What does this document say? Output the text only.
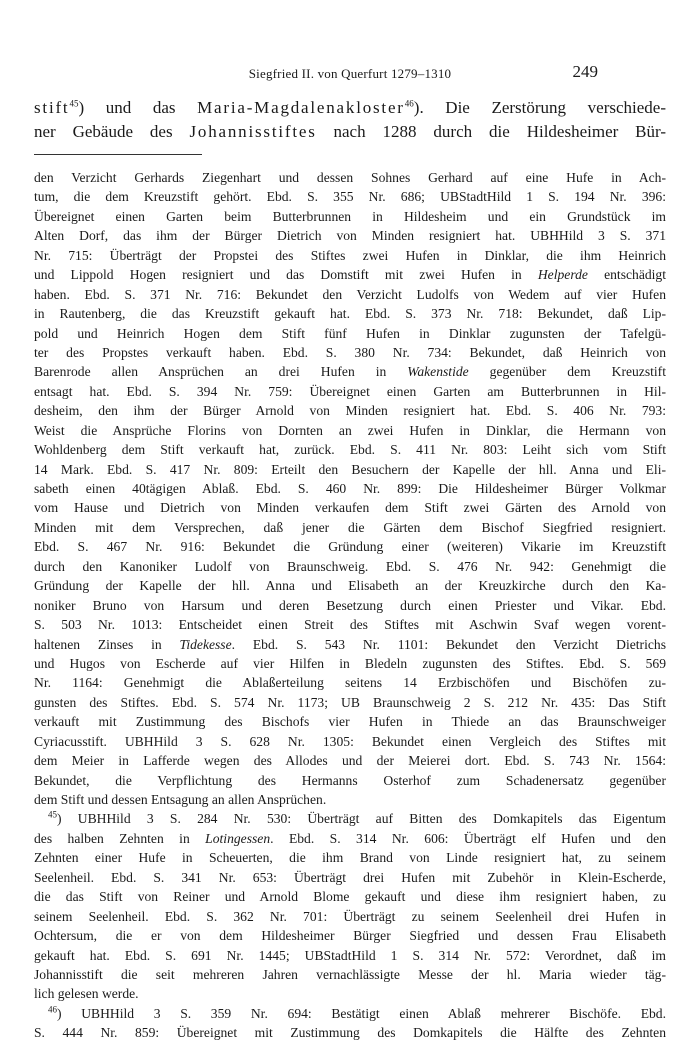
Siegfried II. von Querfurt 1279–1310	249
stift$^{45}$) und das Maria-Magdalenakloster$^{46}$). Die Zerstörung verschiede-
ner Gebäude des Johannisstiftes nach 1288 durch die Hildesheimer Bür-
den Verzicht Gerhards Ziegenhart und dessen Sohnes Gerhard auf eine Hufe in Ach-
tum, die dem Kreuzstift gehört. Ebd. S. 355 Nr. 686; UBStadtHild 1 S. 194 Nr. 396:
Übereignet einen Garten beim Butterbrunnen in Hildesheim und ein Grundstück im
Alten Dorf, das ihm der Bürger Dietrich von Minden resigniert hat. UBHHild 3 S. 371
Nr. 715: Überträgt der Propstei des Stiftes zwei Hufen in Dinklar, die ihm Heinrich
und Lippold Hogen resigniert und das Domstift mit zwei Hufen in Helperde entschädigt
haben. Ebd. S. 371 Nr. 716: Bekundet den Verzicht Ludolfs von Wedem auf vier Hufen
in Rautenberg, die das Kreuzstift gekauft hat. Ebd. S. 373 Nr. 718: Bekundet, daß Lip-
pold und Heinrich Hogen dem Stift fünf Hufen in Dinklar zugunsten der Tafelgü-
ter des Propstes verkauft haben. Ebd. S. 380 Nr. 734: Bekundet, daß Heinrich von
Barenrode allen Ansprüchen an drei Hufen in Wakenstide gegenüber dem Kreuzstift
entsagt hat. Ebd. S. 394 Nr. 759: Übereignet einen Garten am Butterbrunnen in Hil-
desheim, den ihm der Bürger Arnold von Minden resigniert hat. Ebd. S. 406 Nr. 793:
Weist die Ansprüche Florins von Dornten an zwei Hufen in Dinklar, die Hermann von
Wohldenberg dem Stift verkauft hat, zurück. Ebd. S. 411 Nr. 803: Leiht sich vom Stift
14 Mark. Ebd. S. 417 Nr. 809: Erteilt den Besuchern der Kapelle der hll. Anna und Eli-
sabeth einen 40tägigen Ablaß. Ebd. S. 460 Nr. 899: Die Hildesheimer Bürger Volkmar
vom Hause und Dietrich von Minden verkaufen dem Stift zwei Gärten des Arnold von
Minden mit dem Versprechen, daß jener die Gärten dem Bischof Siegfried resigniert.
Ebd. S. 467 Nr. 916: Bekundet die Gründung einer (weiteren) Vikarie im Kreuzstift
durch den Kanoniker Ludolf von Braunschweig. Ebd. S. 476 Nr. 942: Genehmigt die
Gründung der Kapelle der hll. Anna und Elisabeth an der Kreuzkirche durch den Ka-
noniker Bruno von Harsum und deren Besetzung durch einen Priester und Vikar. Ebd.
S. 503 Nr. 1013: Entscheidet einen Streit des Stiftes mit Aschwin Svaf wegen vorent-
haltenen Zinses in Tidekesse. Ebd. S. 543 Nr. 1101: Bekundet den Verzicht Dietrichs
und Hugos von Escherde auf vier Hilfen in Bledeln zugunsten des Stiftes. Ebd. S. 569
Nr. 1164: Genehmigt die Ablaßerteilung seitens 14 Erzbischöfen und Bischöfen zu-
gunsten des Stiftes. Ebd. S. 574 Nr. 1173; UB Braunschweig 2 S. 212 Nr. 435: Das Stift
verkauft mit Zustimmung des Bischofs vier Hufen in Thiede an das Braunschweiger
Cyriacusstift. UBHHild 3 S. 628 Nr. 1305: Bekundet einen Vergleich des Stiftes mit
dem Meier in Lafferde wegen des Allodes und der Meierei dort. Ebd. S. 743 Nr. 1564:
Bekundet, die Verpflichtung des Hermanns Osterhof zum Schadenersatz gegenüber
dem Stift und dessen Entsagung an allen Ansprüchen.
$^{45}$) UBHHild 3 S. 284 Nr. 530: Überträgt auf Bitten des Domkapitels das Eigentum
des halben Zehnten in Lotingessen. Ebd. S. 314 Nr. 606: Überträgt elf Hufen und den
Zehnten einer Hufe in Scheuerten, die ihm Brand von Linde resigniert hat, zu seinem
Seelenheil. Ebd. S. 341 Nr. 653: Überträgt drei Hufen mit Zubehör in Klein-Escherde,
die das Stift von Reiner und Arnold Blome gekauft und diese ihm resigniert haben, zu
seinem Seelenheil. Ebd. S. 362 Nr. 701: Überträgt zu seinem Seelenheil drei Hufen in
Ochtersum, die er von dem Hildesheimer Bürger Siegfried und dessen Frau Elisabeth
gekauft hat. Ebd. S. 691 Nr. 1445; UBStadtHild 1 S. 314 Nr. 572: Verordnet, daß im
Johannisstift die seit mehreren Jahren vernachlässigte Messe der hl. Maria wieder täg-
lich gelesen werde.
$^{46}$) UBHHild 3 S. 359 Nr. 694: Bestätigt einen Ablaß mehrerer Bischöfe. Ebd.
S. 444 Nr. 859: Übereignet mit Zustimmung des Domkapitels die Hälfte des Zehnten
